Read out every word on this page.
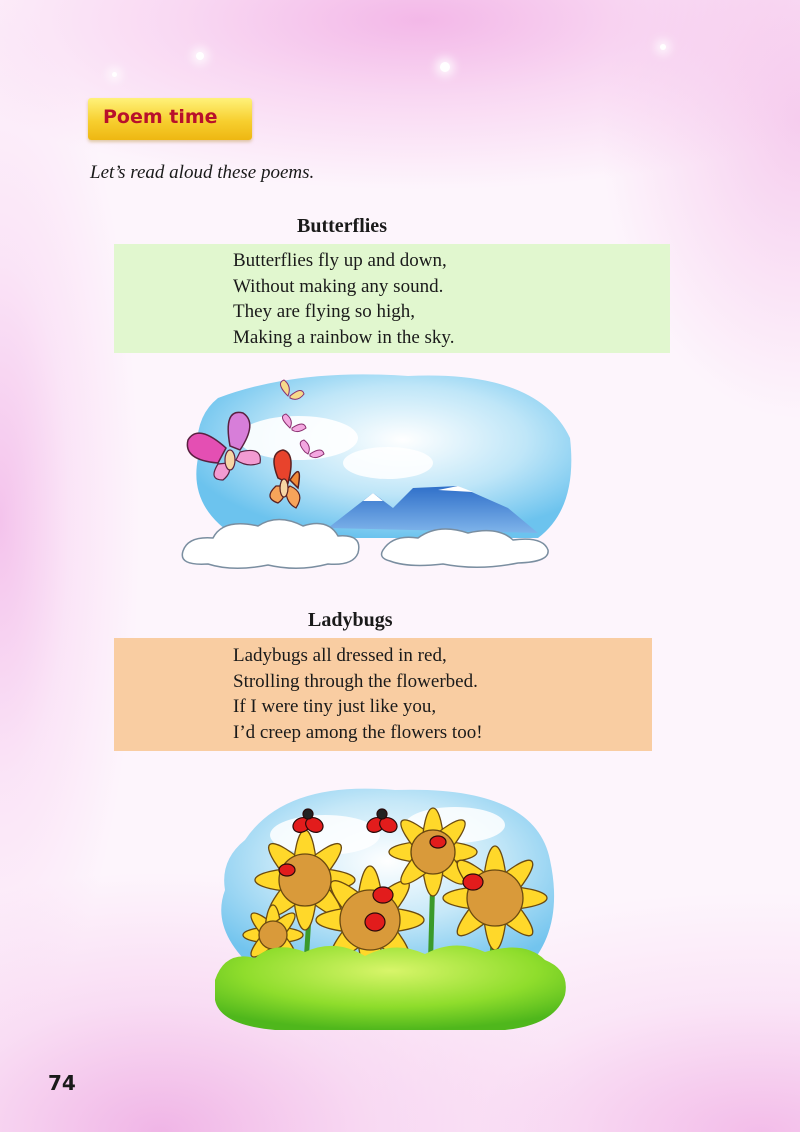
Poem time
Let’s read aloud these poems.
Butterflies
Butterflies fly up and down,
Without making any sound.
They are flying so high,
Making a rainbow in the sky.
Ladybugs
Ladybugs all dressed in red,
Strolling through the flowerbed.
If I were tiny just like you,
I’d creep among the flowers too!
74
